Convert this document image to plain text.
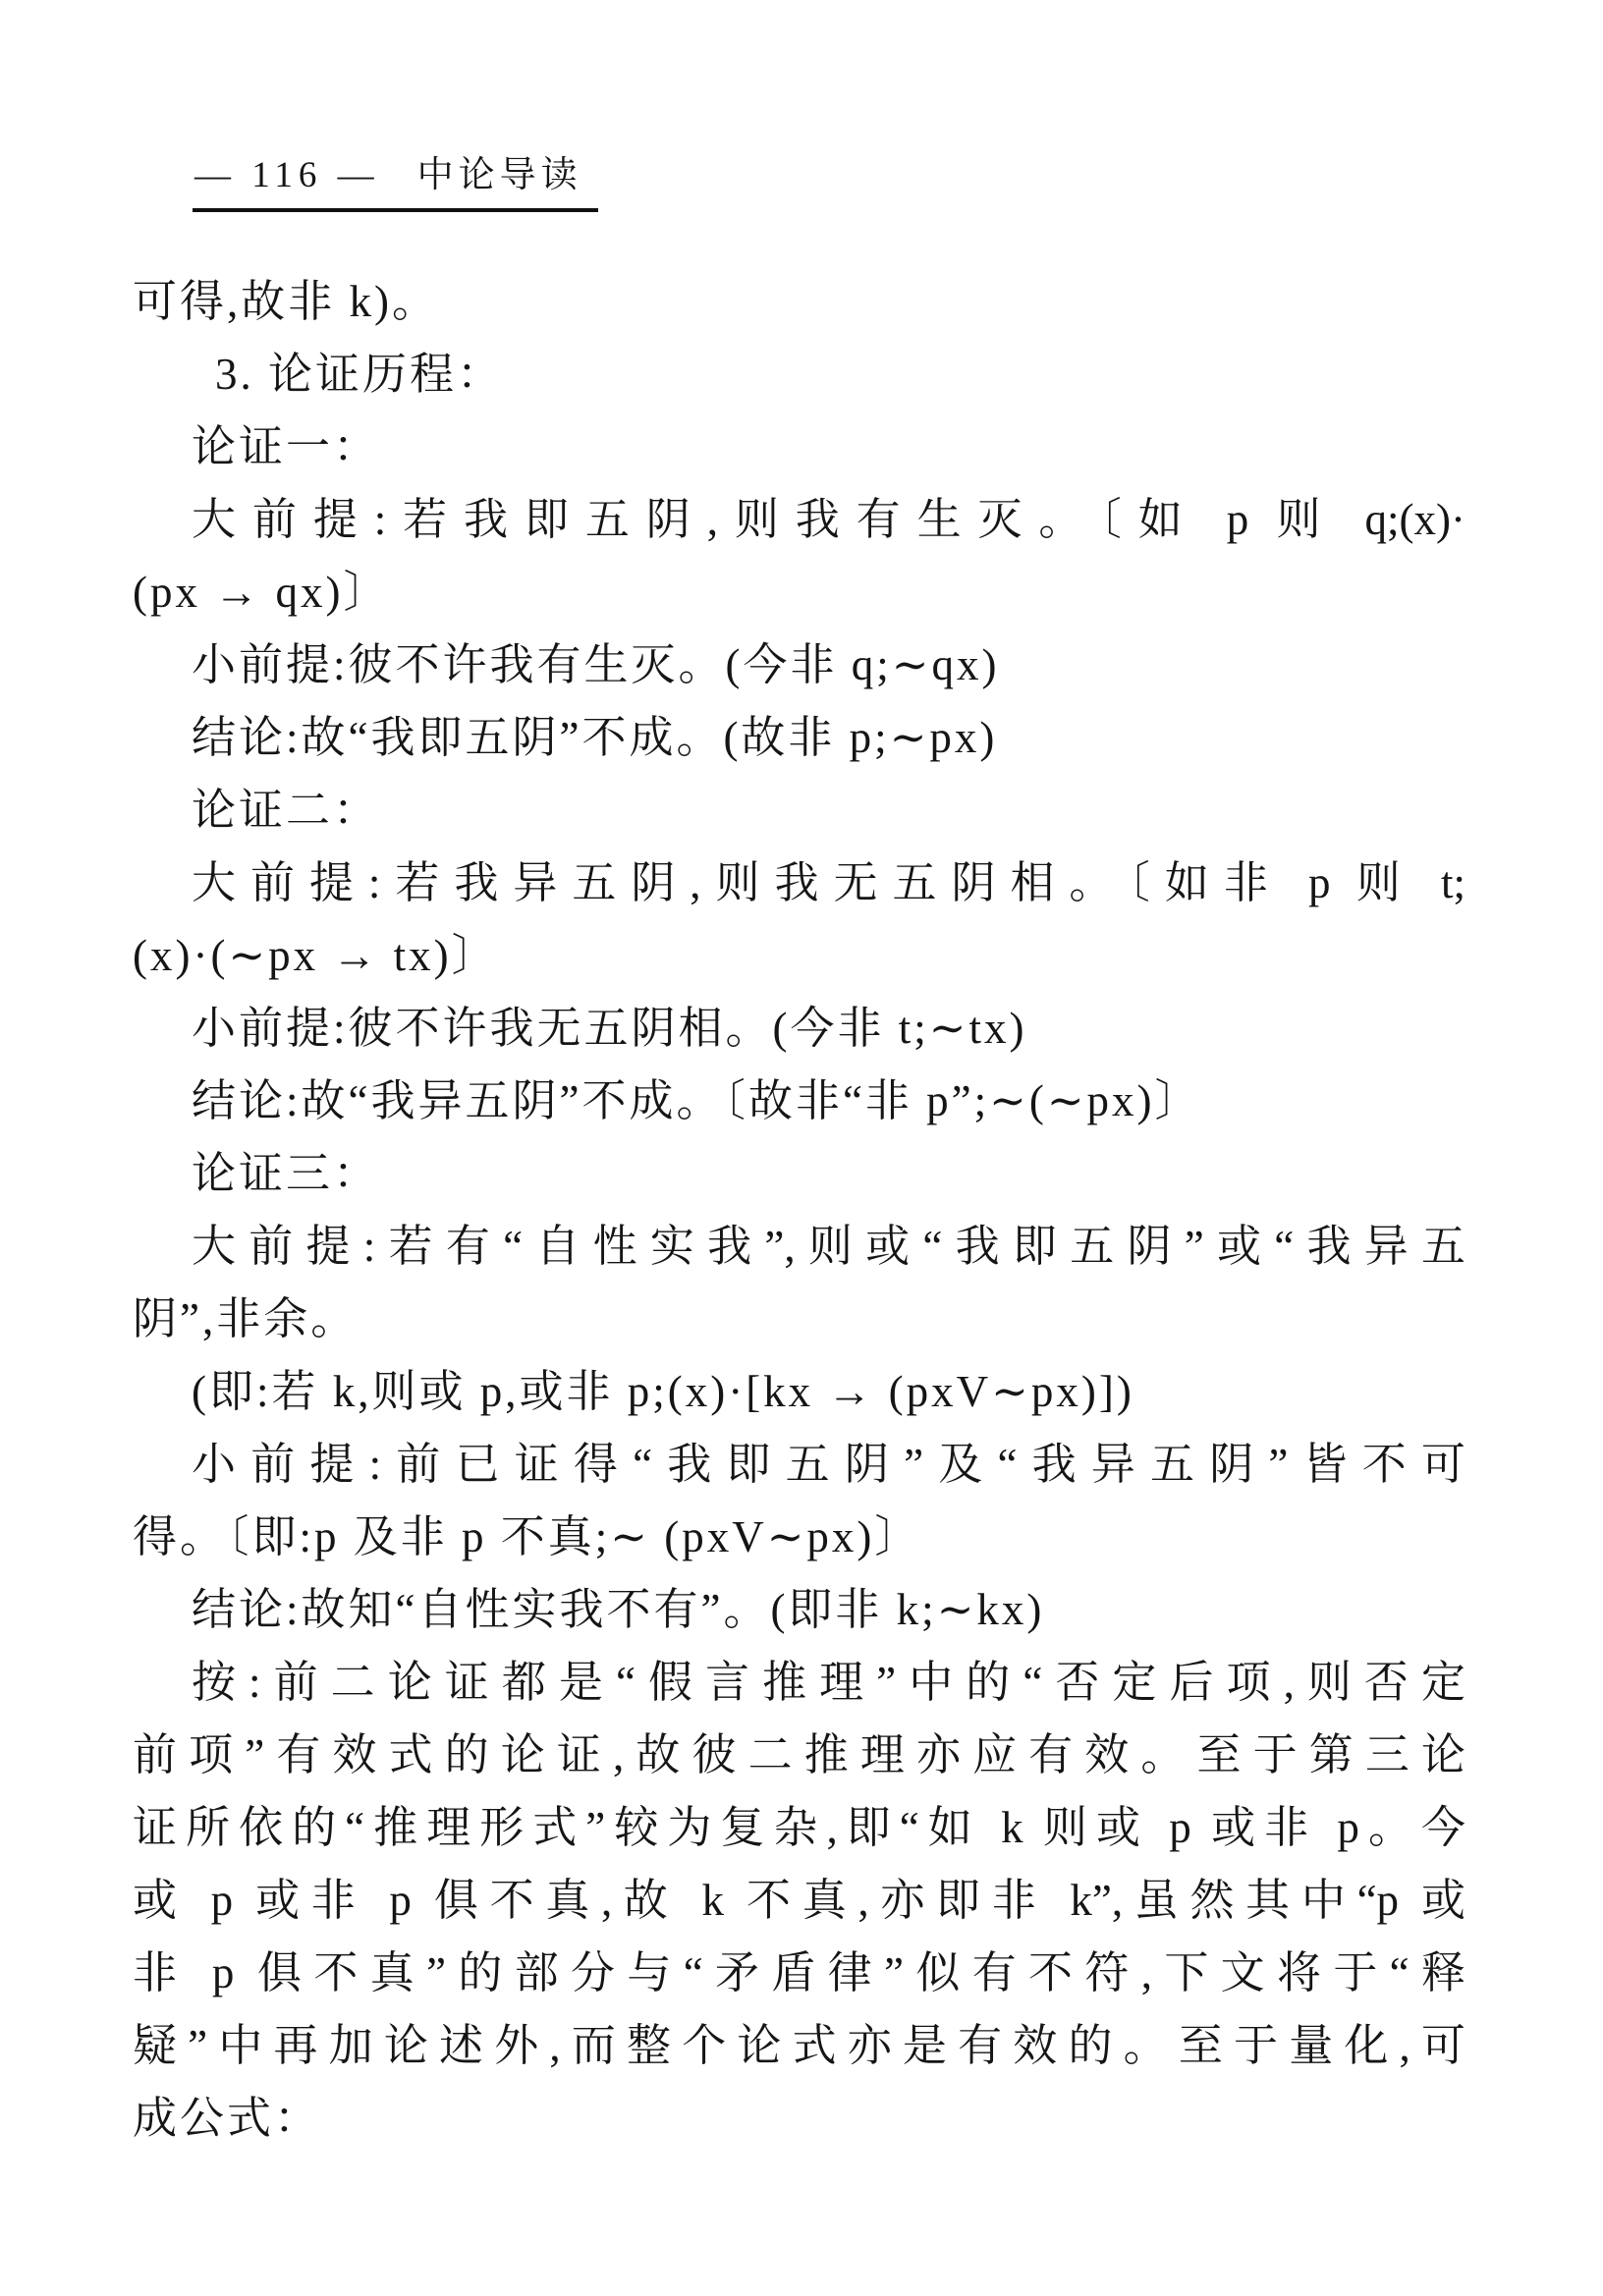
— 116 — 中论导读
可得,故非 k)。
3. 论证历程：
论证一：
大前提:若我即五阴,则我有生灭。〔如 p 则 q;(x)·
(px → qx)〕
小前提:彼不许我有生灭。(今非 q;∼qx)
结论:故“我即五阴”不成。(故非 p;∼px)
论证二：
大前提:若我异五阴,则我无五阴相。〔如非 p 则 t;
(x)·(∼px → tx)〕
小前提:彼不许我无五阴相。(今非 t;∼tx)
结论:故“我异五阴”不成。〔故非“非 p”;∼(∼px)〕
论证三：
大前提:若有“自性实我”,则或“我即五阴”或“我异五
阴”,非余。
(即:若 k,则或 p,或非 p;(x)·[kx → (pxV∼px)])
小前提:前已证得“我即五阴”及“我异五阴”皆不可
得。〔即:p 及非 p 不真;∼ (pxV∼px)〕
结论:故知“自性实我不有”。(即非 k;∼kx)
按:前二论证都是“假言推理”中的“否定后项,则否定
前项”有效式的论证,故彼二推理亦应有效。至于第三论
证所依的“推理形式”较为复杂,即“如 k 则或 p 或非 p。今
或 p 或非 p 俱不真,故 k 不真,亦即非 k”,虽然其中“p 或
非 p 俱不真”的部分与“矛盾律”似有不符,下文将于“释
疑”中再加论述外,而整个论式亦是有效的。至于量化,可
成公式：
